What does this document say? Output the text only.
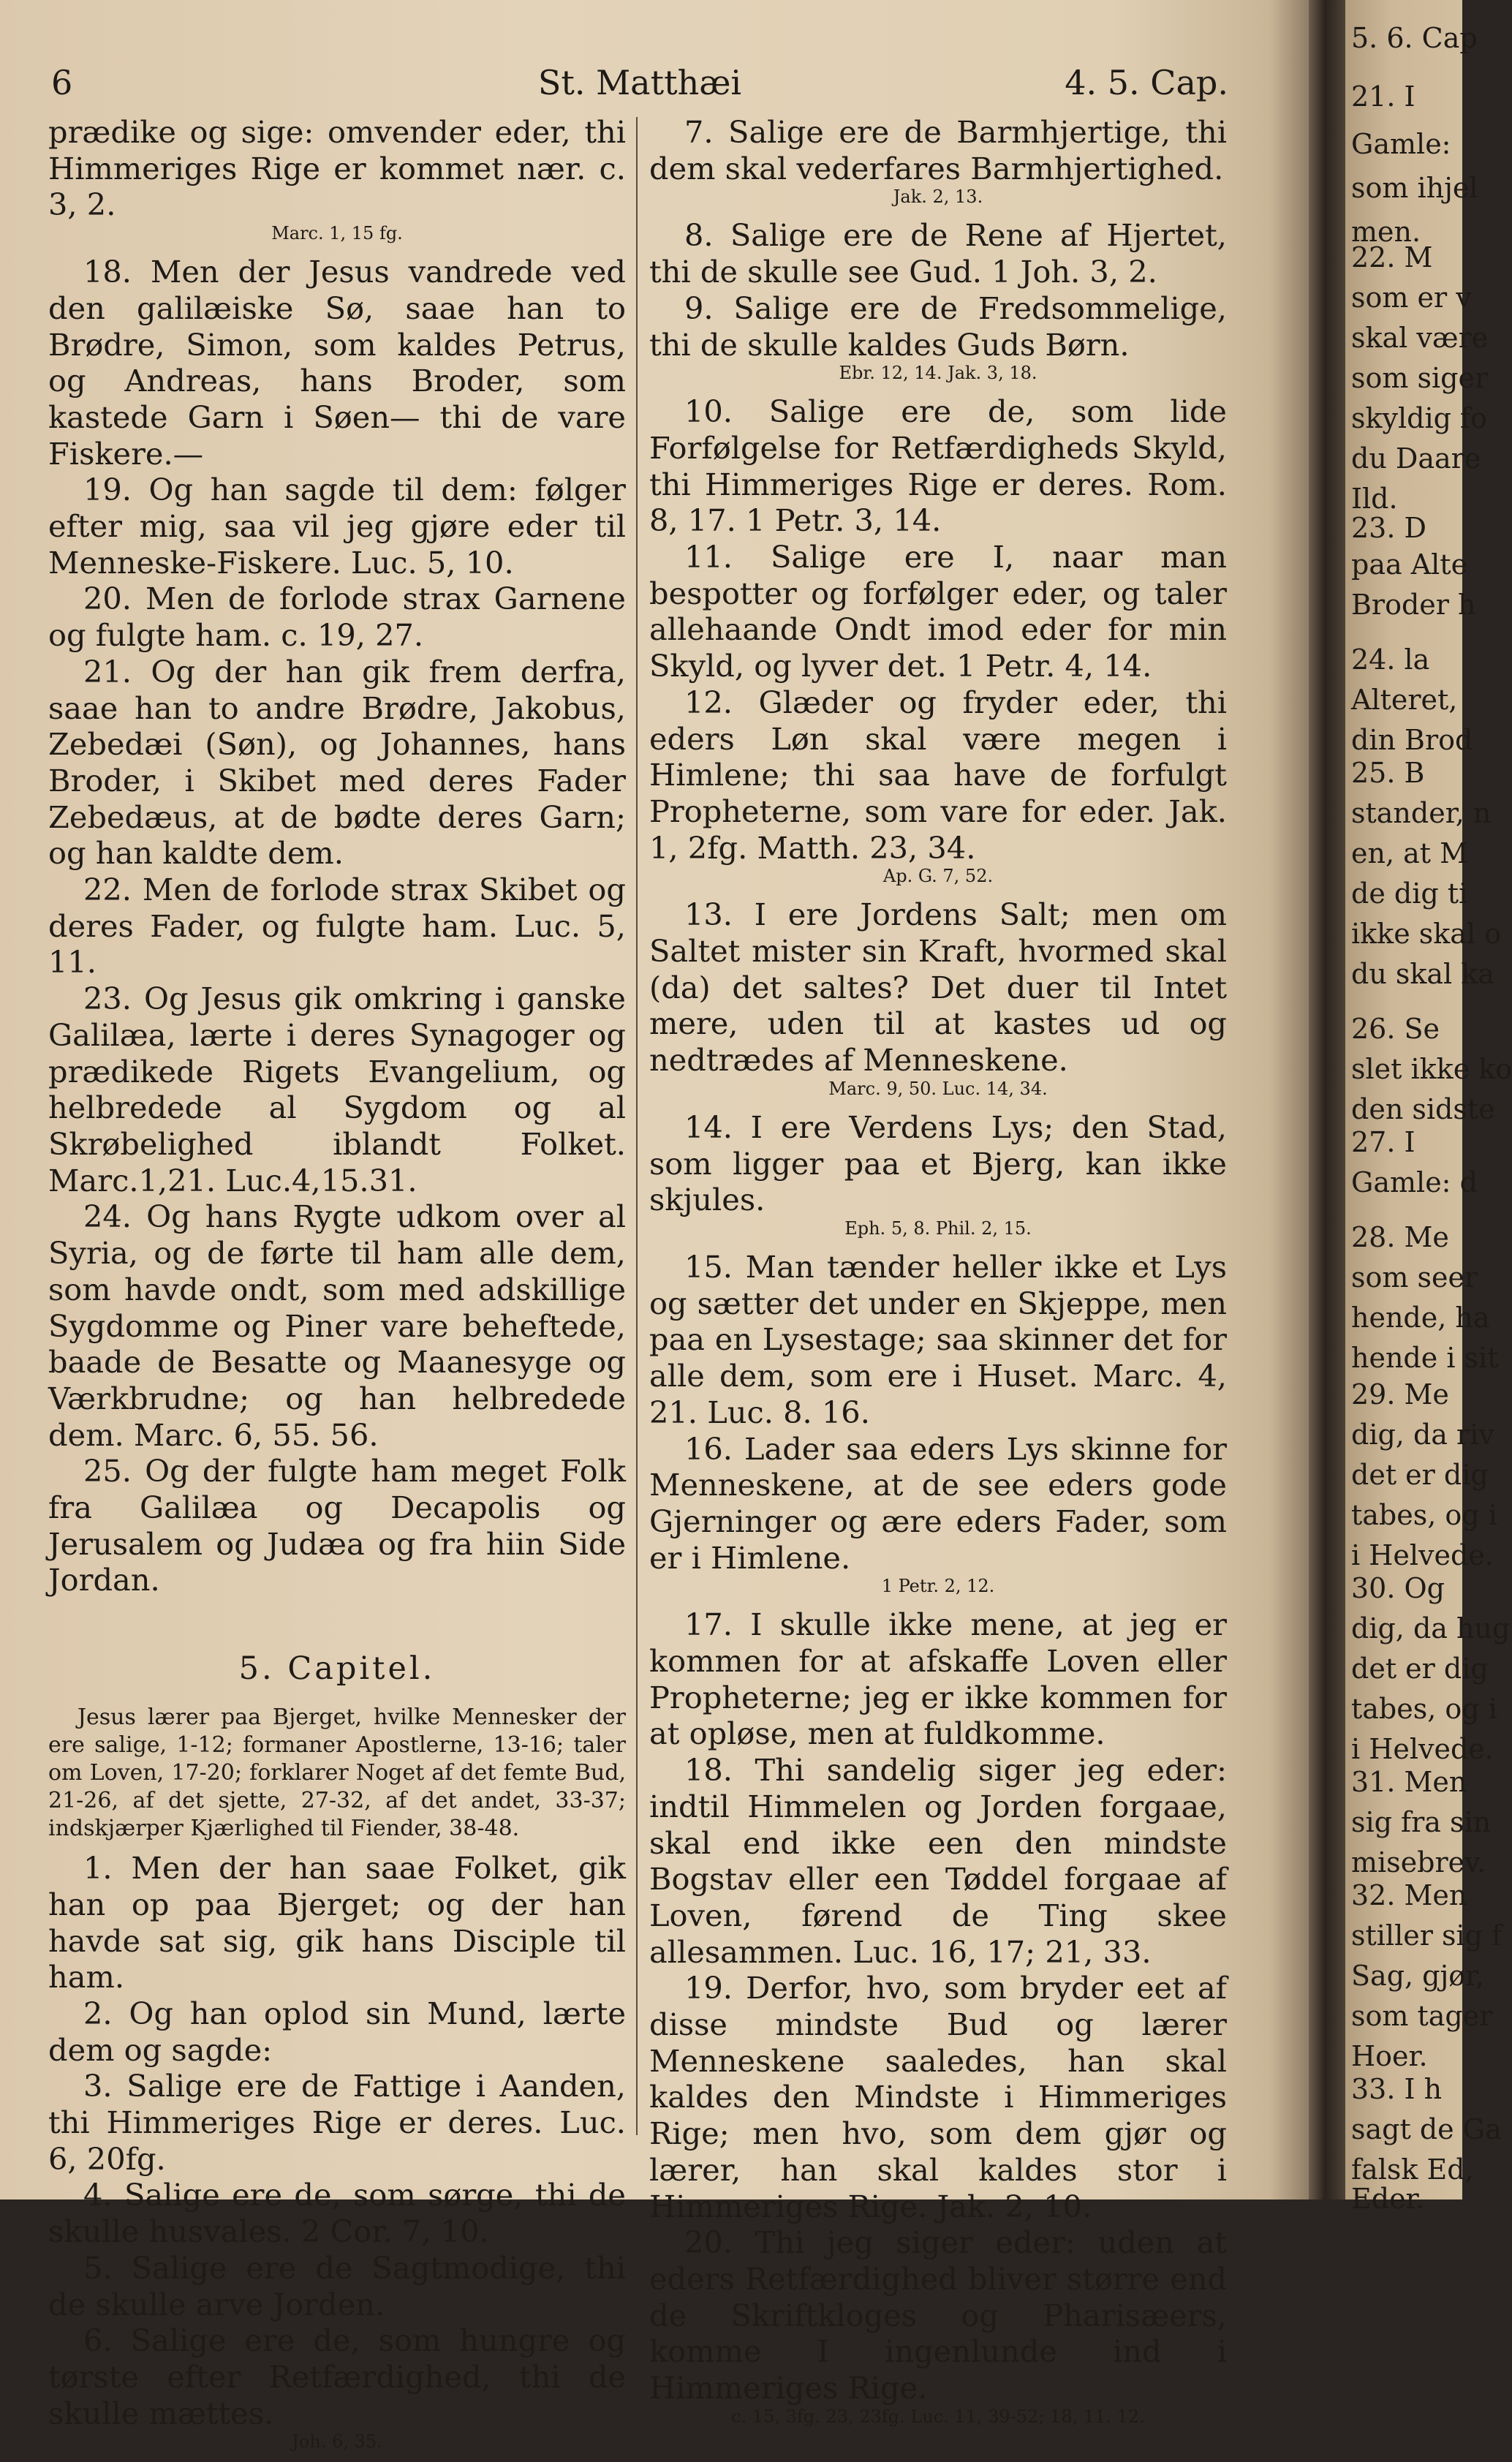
6	St. Matthæi	4. 5. Cap.
prædike og sige: omvender eder, thi Himmeriges Rige er kommet nær. c. 3, 2.
Marc. 1, 15 fg.
18. Men der Jesus vandrede ved den galilæiske Sø, saae han to Brødre, Simon, som kaldes Petrus, og Andreas, hans Broder, som kastede Garn i Søen— thi de vare Fiskere.—
19. Og han sagde til dem: følger efter mig, saa vil jeg gjøre eder til Menneske-Fiskere. Luc. 5, 10.
20. Men de forlode strax Garnene og fulgte ham. c. 19, 27.
21. Og der han gik frem derfra, saae han to andre Brødre, Jakobus, Zebedæi (Søn), og Johannes, hans Broder, i Skibet med deres Fader Zebedæus, at de bødte deres Garn; og han kaldte dem.
22. Men de forlode strax Skibet og deres Fader, og fulgte ham. Luc. 5, 11.
23. Og Jesus gik omkring i ganske Galilæa, lærte i deres Synagoger og prædikede Rigets Evangelium, og helbredede al Sygdom og al Skrøbelighed iblandt Folket. Marc.1,21. Luc.4,15.31.
24. Og hans Rygte udkom over al Syria, og de førte til ham alle dem, som havde ondt, som med adskillige Sygdomme og Piner vare beheftede, baade de Besatte og Maanesyge og Værkbrudne; og han helbredede dem. Marc. 6, 55. 56.
25. Og der fulgte ham meget Folk fra Galilæa og Decapolis og Jerusalem og Judæa og fra hiin Side Jordan.
5. Capitel.
Jesus lærer paa Bjerget, hvilke Mennesker der ere salige, 1-12; formaner Apostlerne, 13-16; taler om Loven, 17-20; forklarer Noget af det femte Bud, 21-26, af det sjette, 27-32, af det andet, 33-37; indskjærper Kjærlighed til Fiender, 38-48.
1. Men der han saae Folket, gik han op paa Bjerget; og der han havde sat sig, gik hans Disciple til ham.
2. Og han oplod sin Mund, lærte dem og sagde:
3. Salige ere de Fattige i Aanden, thi Himmeriges Rige er deres. Luc. 6, 20fg.
4. Salige ere de, som sørge, thi de skulle husvales. 2 Cor. 7, 10.
5. Salige ere de Sagtmodige, thi de skulle arve Jorden.
6. Salige ere de, som hungre og tørste efter Retfærdighed, thi de skulle mættes.
Joh. 6, 35.
7. Salige ere de Barmhjertige, thi dem skal vederfares Barmhjertighed.
Jak. 2, 13.
8. Salige ere de Rene af Hjertet, thi de skulle see Gud. 1 Joh. 3, 2.
9. Salige ere de Fredsommelige, thi de skulle kaldes Guds Børn.
Ebr. 12, 14. Jak. 3, 18.
10. Salige ere de, som lide Forfølgelse for Retfærdigheds Skyld, thi Himmeriges Rige er deres. Rom. 8, 17. 1 Petr. 3, 14.
11. Salige ere I, naar man bespotter og forfølger eder, og taler allehaande Ondt imod eder for min Skyld, og lyver det. 1 Petr. 4, 14.
12. Glæder og fryder eder, thi eders Løn skal være megen i Himlene; thi saa have de forfulgt Propheterne, som vare for eder. Jak. 1, 2fg. Matth. 23, 34.
Ap. G. 7, 52.
13. I ere Jordens Salt; men om Saltet mister sin Kraft, hvormed skal (da) det saltes? Det duer til Intet mere, uden til at kastes ud og nedtrædes af Menneskene.
Marc. 9, 50. Luc. 14, 34.
14. I ere Verdens Lys; den Stad, som ligger paa et Bjerg, kan ikke skjules.
Eph. 5, 8. Phil. 2, 15.
15. Man tænder heller ikke et Lys og sætter det under en Skjeppe, men paa en Lysestage; saa skinner det for alle dem, som ere i Huset. Marc. 4, 21. Luc. 8. 16.
16. Lader saa eders Lys skinne for Menneskene, at de see eders gode Gjerninger og ære eders Fader, som er i Himlene.
1 Petr. 2, 12.
17. I skulle ikke mene, at jeg er kommen for at afskaffe Loven eller Propheterne; jeg er ikke kommen for at opløse, men at fuldkomme.
18. Thi sandelig siger jeg eder: indtil Himmelen og Jorden forgaae, skal end ikke een den mindste Bogstav eller een Tøddel forgaae af Loven, førend de Ting skee allesammen. Luc. 16, 17; 21, 33.
19. Derfor, hvo, som bryder eet af disse mindste Bud og lærer Menneskene saaledes, han skal kaldes den Mindste i Himmeriges Rige; men hvo, som dem gjør og lærer, han skal kaldes stor i Himmeriges Rige. Jak. 2, 10.
20. Thi jeg siger eder: uden at eders Retfærdighed bliver større end de Skriftkloges og Pharisæers, komme I ingenlunde ind i Himmeriges Rige.
c. 15, 3fg. 23, 23fg. Luc. 11, 39-52; 18, 11. 12.
5. 6. Cap
21. I
Gamle:
som ihjel
men.
22. M
som er v
skal være
som siger
skyldig fo
du Daare
Ild.
23. D
paa Alte
Broder h
24. la
Alteret,
din Brod
25. B
stander, n
en, at M
de dig ti
ikke skal o
du skal ka
26. Se
slet ikke ko
den sidste
27. I
Gamle: d
28. Me
som seer
hende, ha
hende i sit
29. Me
dig, da riv
det er dig
tabes, og i
i Helvede.
30. Og
dig, da hug
det er dig
tabes, og i
i Helvede.
31. Men
sig fra sin
misebrev.
32. Men
stiller sig f
Sag, gjør,
som tager
Hoer.
33. I h
sagt de Ga
falsk Ed,
Eder.
